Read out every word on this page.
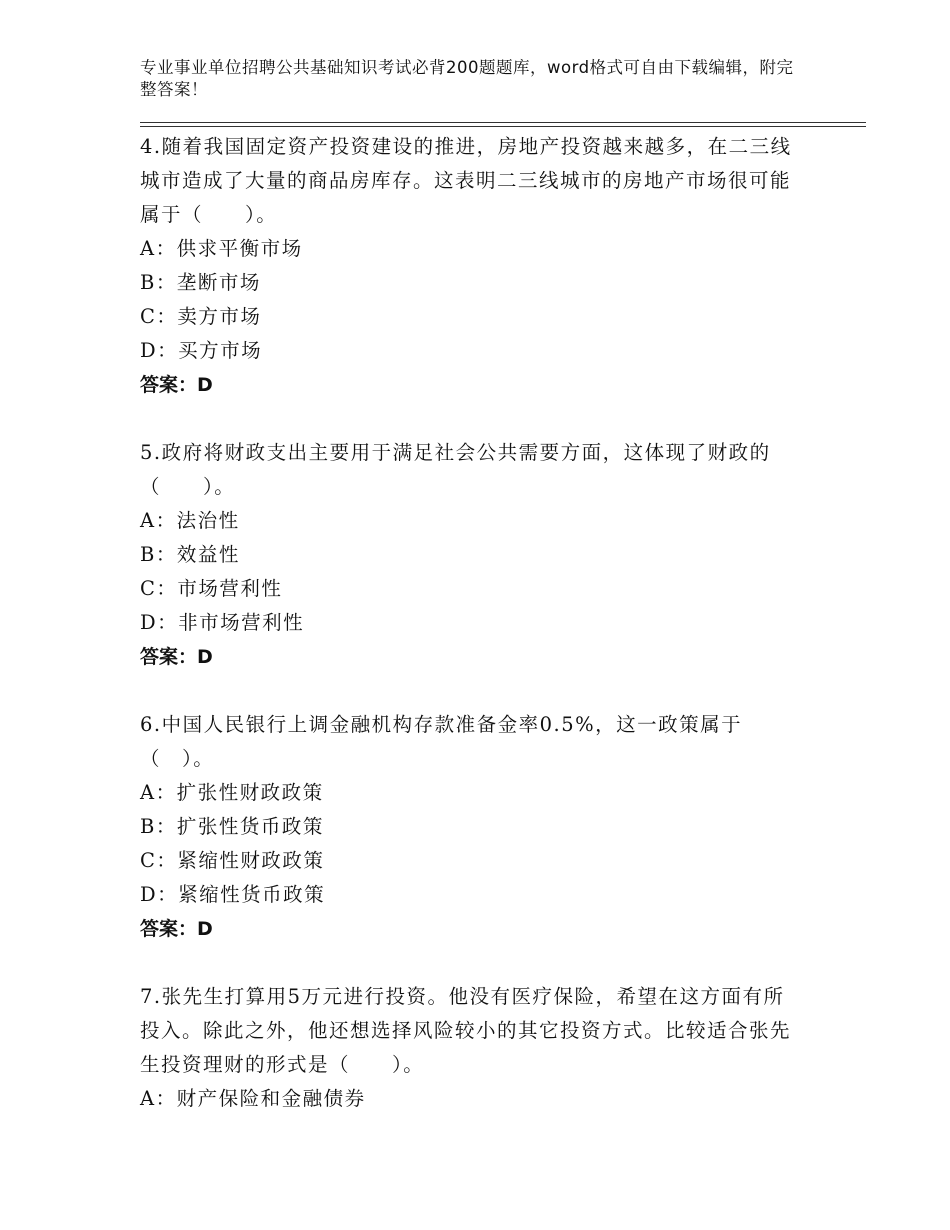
专业事业单位招聘公共基础知识考试必背200题题库，word格式可自由下载编辑，附完整答案！

4.随着我国固定资产投资建设的推进，房地产投资越来越多，在二三线城市造成了大量的商品房库存。这表明二三线城市的房地产市场很可能属于（　　）。

A：供求平衡市场

B：垄断市场

C：卖方市场

D：买方市场

答案：D

5.政府将财政支出主要用于满足社会公共需要方面，这体现了财政的（　　）。

A：法治性

B：效益性

C：市场营利性

D：非市场营利性

答案：D

6.中国人民银行上调金融机构存款准备金率0.5%，这一政策属于（　）。

A：扩张性财政政策

B：扩张性货币政策

C：紧缩性财政政策

D：紧缩性货币政策

答案：D

7.张先生打算用5万元进行投资。他没有医疗保险，希望在这方面有所投入。除此之外，他还想选择风险较小的其它投资方式。比较适合张先生投资理财的形式是（　　）。

A：财产保险和金融债券
